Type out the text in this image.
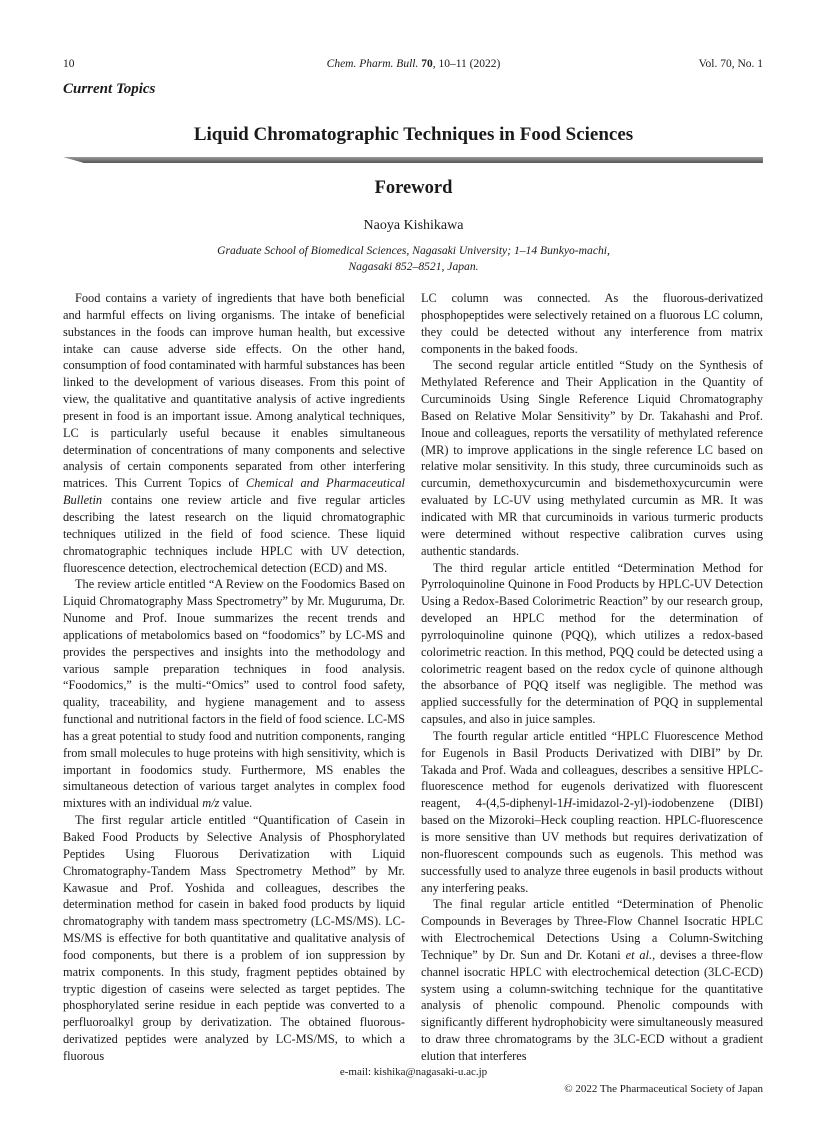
10	Chem. Pharm. Bull. 70, 10–11 (2022)	Vol. 70, No. 1
Current Topics
Liquid Chromatographic Techniques in Food Sciences
Foreword
Naoya Kishikawa
Graduate School of Biomedical Sciences, Nagasaki University; 1–14 Bunkyo-machi,
Nagasaki 852–8521, Japan.

Food contains a variety of ingredients that have both beneficial and harmful effects on living organisms. The intake of beneficial substances in the foods can improve human health, but excessive intake can cause adverse side effects. On the other hand, consumption of food contaminated with harmful substances has been linked to the development of various diseases. From this point of view, the qualitative and quantitative analysis of active ingredients present in food is an important issue. Among analytical techniques, LC is particularly useful because it enables simultaneous determination of concentrations of many components and selective analysis of certain components separated from other interfering matrices. This Current Topics of Chemical and Pharmaceutical Bulletin contains one review article and five regular articles describing the latest research on the liquid chromatographic techniques utilized in the field of food science. These liquid chromatographic techniques include HPLC with UV detection, fluorescence detection, electrochemical detection (ECD) and MS.

The review article entitled “A Review on the Foodomics Based on Liquid Chromatography Mass Spectrometry” by Mr. Muguruma, Dr. Nunome and Prof. Inoue summarizes the recent trends and applications of metabolomics based on “foodomics” by LC-MS and provides the perspectives and insights into the methodology and various sample preparation techniques in food analysis. “Foodomics,” is the multi-“Omics” used to control food safety, quality, traceability, and hygiene management and to assess functional and nutritional factors in the field of food science. LC-MS has a great potential to study food and nutrition components, ranging from small molecules to huge proteins with high sensitivity, which is important in foodomics study. Furthermore, MS enables the simultaneous detection of various target analytes in complex food mixtures with an individual m/z value.

The first regular article entitled “Quantification of Casein in Baked Food Products by Selective Analysis of Phosphorylated Peptides Using Fluorous Derivatization with Liquid Chromatography-Tandem Mass Spectrometry Method” by Mr. Kawasue and Prof. Yoshida and colleagues, describes the determination method for casein in baked food products by liquid chromatography with tandem mass spectrometry (LC-MS/MS). LC-MS/MS is effective for both quantitative and qualitative analysis of food components, but there is a problem of ion suppression by matrix components. In this study, fragment peptides obtained by tryptic digestion of caseins were selected as target peptides. The phosphorylated serine residue in each peptide was converted to a perfluoroalkyl group by derivatization. The obtained fluorous-derivatized peptides were analyzed by LC-MS/MS, to which a fluorous

LC column was connected. As the fluorous-derivatized phosphopeptides were selectively retained on a fluorous LC column, they could be detected without any interference from matrix components in the baked foods.

The second regular article entitled “Study on the Synthesis of Methylated Reference and Their Application in the Quantity of Curcuminoids Using Single Reference Liquid Chromatography Based on Relative Molar Sensitivity” by Dr. Takahashi and Prof. Inoue and colleagues, reports the versatility of methylated reference (MR) to improve applications in the single reference LC based on relative molar sensitivity. In this study, three curcuminoids such as curcumin, demethoxycurcumin and bisdemethoxycurcumin were evaluated by LC-UV using methylated curcumin as MR. It was indicated with MR that curcuminoids in various turmeric products were determined without respective calibration curves using authentic standards.

The third regular article entitled “Determination Method for Pyrroloquinoline Quinone in Food Products by HPLC-UV Detection Using a Redox-Based Colorimetric Reaction” by our research group, developed an HPLC method for the determination of pyrroloquinoline quinone (PQQ), which utilizes a redox-based colorimetric reaction. In this method, PQQ could be detected using a colorimetric reagent based on the redox cycle of quinone although the absorbance of PQQ itself was negligible. The method was applied successfully for the determination of PQQ in supplemental capsules, and also in juice samples.

The fourth regular article entitled “HPLC Fluorescence Method for Eugenols in Basil Products Derivatized with DIBI” by Dr. Takada and Prof. Wada and colleagues, describes a sensitive HPLC-fluorescence method for eugenols derivatized with fluorescent reagent, 4-(4,5-diphenyl-1H-imidazol-2-yl)-iodobenzene (DIBI) based on the Mizoroki–Heck coupling reaction. HPLC-fluorescence is more sensitive than UV methods but requires derivatization of non-fluorescent compounds such as eugenols. This method was successfully used to analyze three eugenols in basil products without any interfering peaks.

The final regular article entitled “Determination of Phenolic Compounds in Beverages by Three-Flow Channel Isocratic HPLC with Electrochemical Detections Using a Column-Switching Technique” by Dr. Sun and Dr. Kotani et al., devises a three-flow channel isocratic HPLC with electrochemical detection (3LC-ECD) system using a column-switching technique for the quantitative analysis of phenolic compound. Phenolic compounds with significantly different hydrophobicity were simultaneously measured to draw three chromatograms by the 3LC-ECD without a gradient elution that interferes

e-mail: kishika@nagasaki-u.ac.jp
© 2022 The Pharmaceutical Society of Japan
